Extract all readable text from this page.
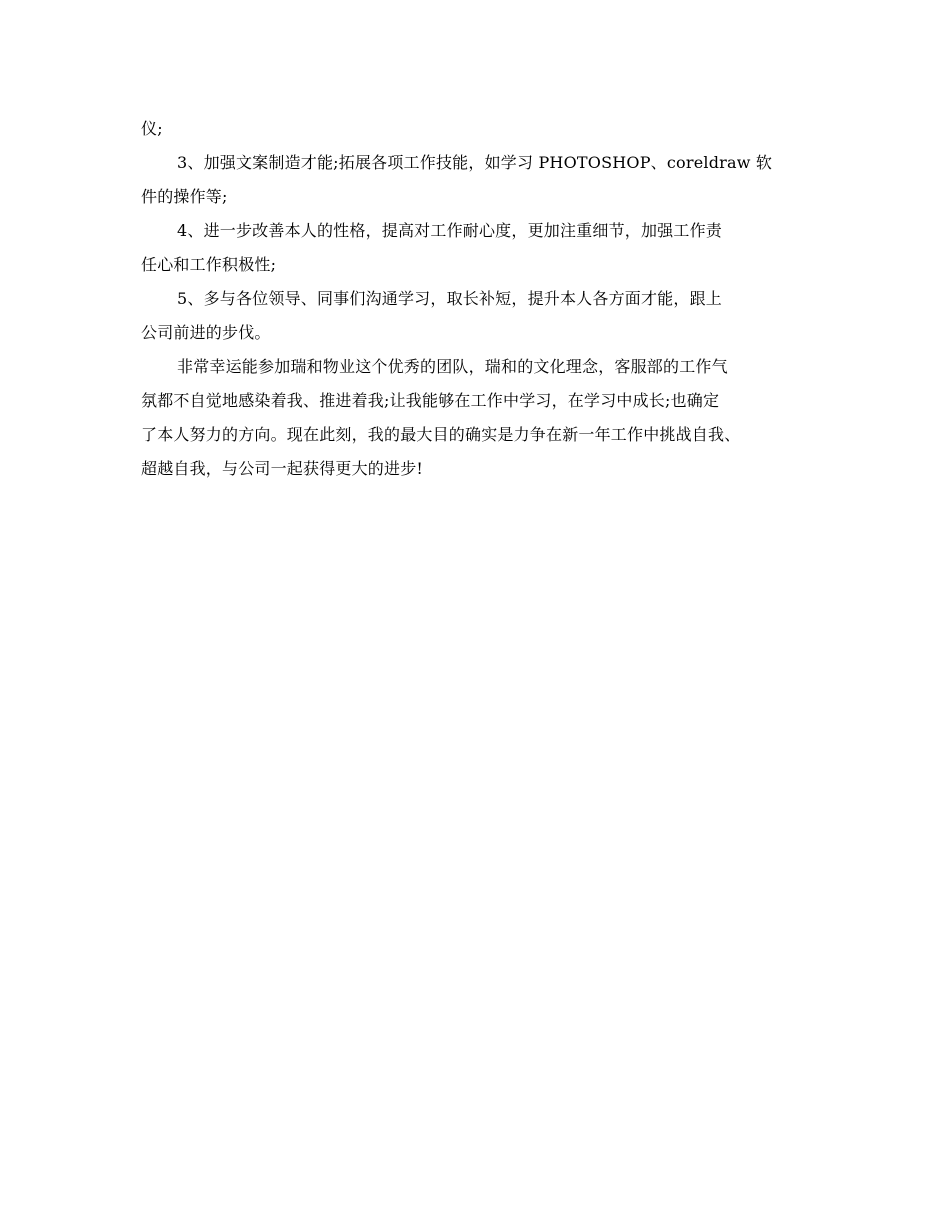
仪;

3、加强文案制造才能;拓展各项工作技能，如学习 PHOTOSHOP、coreldraw 软
件的操作等;

4、进一步改善本人的性格，提高对工作耐心度，更加注重细节，加强工作责
任心和工作积极性;

5、多与各位领导、同事们沟通学习，取长补短，提升本人各方面才能，跟上
公司前进的步伐。

非常幸运能参加瑞和物业这个优秀的团队，瑞和的文化理念，客服部的工作气
氛都不自觉地感染着我、推进着我;让我能够在工作中学习，在学习中成长;也确定
了本人努力的方向。现在此刻，我的最大目的确实是力争在新一年工作中挑战自我、
超越自我，与公司一起获得更大的进步!
